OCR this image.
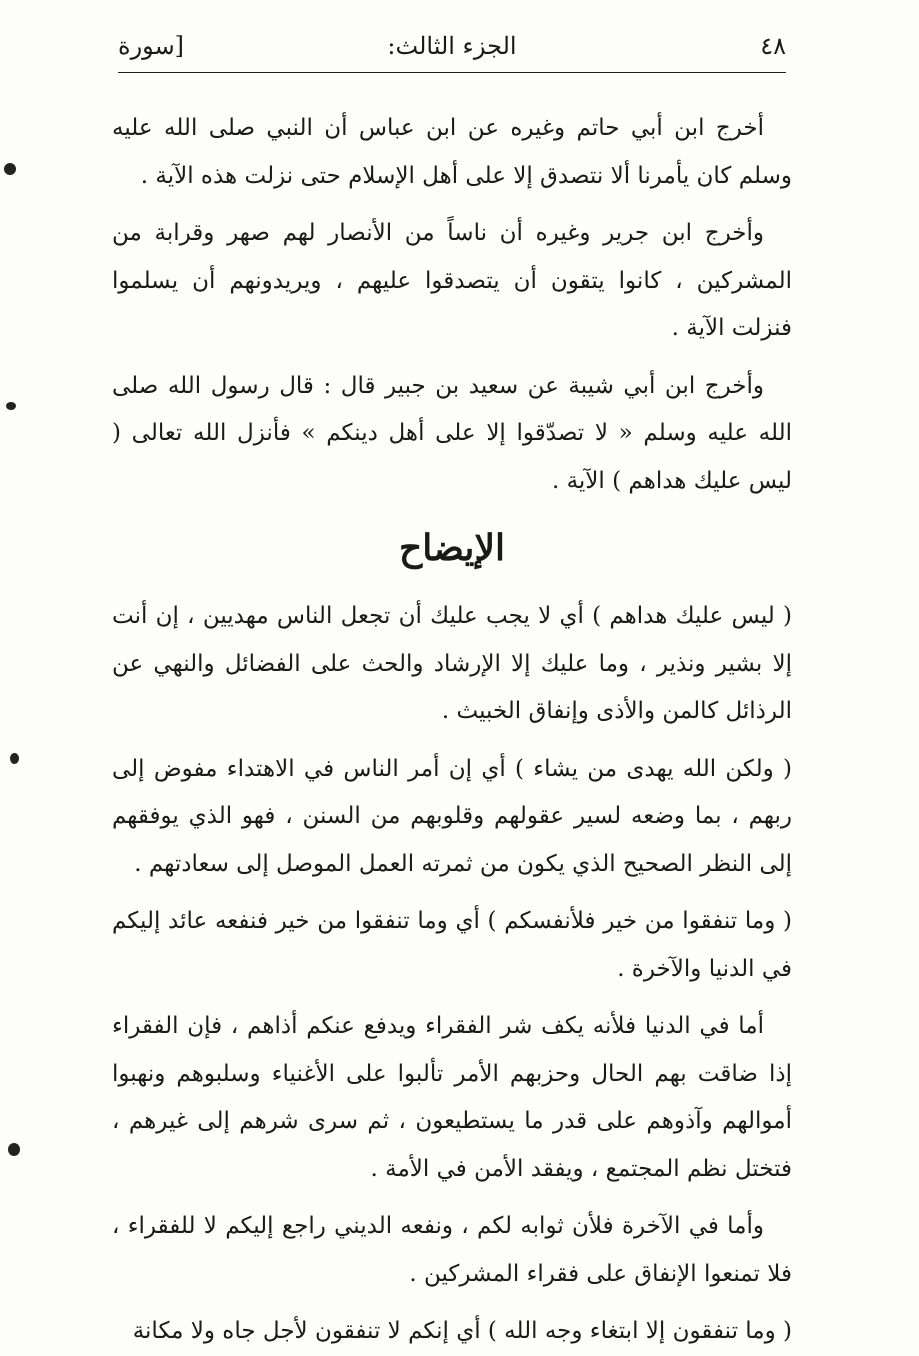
٤٨
الجزء الثالث:
[سورة

أخرج ابن أبي حاتم وغيره عن ابن عباس أن النبي صلى الله عليه وسلم كان يأمرنا ألا نتصدق إلا على أهل الإسلام حتى نزلت هذه الآية .

وأخرج ابن جرير وغيره أن ناساً من الأنصار لهم صهر وقرابة من المشركين ، كانوا يتقون أن يتصدقوا عليهم ، ويريدونهم أن يسلموا فنزلت الآية .

وأخرج ابن أبي شيبة عن سعيد بن جبير قال : قال رسول الله صلى الله عليه وسلم « لا تصدّقوا إلا على أهل دينكم » فأنزل الله تعالى ( ليس عليك هداهم ) الآية .

الإيضاح

( ليس عليك هداهم ) أي لا يجب عليك أن تجعل الناس مهديين ، إن أنت إلا بشير ونذير ، وما عليك إلا الإرشاد والحث على الفضائل والنهي عن الرذائل كالمن والأذى وإنفاق الخبيث .

( ولكن الله يهدى من يشاء ) أي إن أمر الناس في الاهتداء مفوض إلى ربهم ، بما وضعه لسير عقولهم وقلوبهم من السنن ، فهو الذي يوفقهم إلى النظر الصحيح الذي يكون من ثمرته العمل الموصل إلى سعادتهم .

( وما تنفقوا من خير فلأنفسكم ) أي وما تنفقوا من خير فنفعه عائد إليكم في الدنيا والآخرة .

أما في الدنيا فلأنه يكف شر الفقراء ويدفع عنكم أذاهم ، فإن الفقراء إذا ضاقت بهم الحال وحزبهم الأمر تألبوا على الأغنياء وسلبوهم ونهبوا أموالهم وآذوهم على قدر ما يستطيعون ، ثم سرى شرهم إلى غيرهم ، فتختل نظم المجتمع ، ويفقد الأمن في الأمة .

وأما في الآخرة فلأن ثوابه لكم ، ونفعه الديني راجع إليكم لا للفقراء ، فلا تمنعوا الإنفاق على فقراء المشركين .

( وما تنفقون إلا ابتغاء وجه الله ) أي إنكم لا تنفقون لأجل جاه ولا مكانة
